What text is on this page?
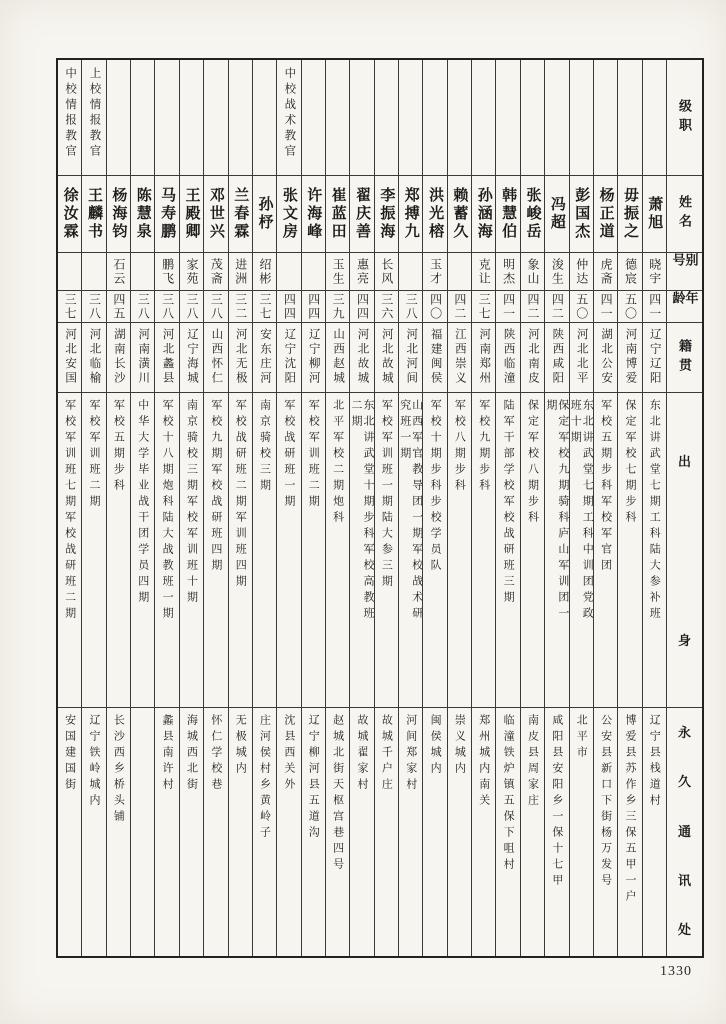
中校情报教官
徐汝霖
三七
河北安国
军校军训班七期军校战研班二期
安国建国街
上校情报教官
王麟书
三八
河北临榆
军校军训班二期
辽宁铁岭城内
杨海钧
石云
四五
湖南长沙
军校五期步科
长沙西乡桥头铺
陈慧泉
三八
河南潢川
中华大学毕业战干团学员四期
马寿鹏
鹏飞
三八
河北蠡县
军校十八期炮科陆大战教班一期
蠡县南许村
王殿卿
家苑
三八
辽宁海城
南京骑校三期军校军训班十期
海城西北街
邓世兴
茂斋
三八
山西怀仁
军校九期军校战研班四期
怀仁学校巷
兰春霖
进洲
三二
河北无极
军校战研班二期军训班四期
无极城内
孙杼
绍彬
三七
安东庄河
南京骑校三期
庄河侯村乡黄岭子
中校战术教官
张文房
四四
辽宁沈阳
军校战研班一期
沈县西关外
许海峰
四四
辽宁柳河
军校军训班二期
辽宁柳河县五道沟
崔蓝田
玉生
三九
山西赵城
北平军校二期炮科
赵城北街天枢宫巷四号
翟庆善
惠亮
四四
河北故城
东北讲武堂十期步科军校高教班二期
故城翟家村
李振海
长风
三六
河北故城
军校军训班一期陆大参三期
故城千户庄
郑搏九
三八
河北河间
山西军官教导团一期军校战术研究班一期
河间郑家村
洪光榕
玉才
四〇
福建闽侯
军校十期步科步校学员队
闽侯城内
赖蓄久
四二
江西崇义
军校八期步科
崇义城内
孙涵海
克让
三七
河南郑州
军校九期步科
郑州城内南关
韩慧伯
明杰
四一
陕西临潼
陆军干部学校军校战研班三期
临潼铁炉镇五保下咀村
张峻岳
象山
四二
河北南皮
保定军校八期步科
南皮县周家庄
冯超
浚生
四二
陕西咸阳
保定军校九期骑科庐山军训团一期
咸阳县安阳乡一保十七甲
彭国杰
仲达
五〇
河北北平
东北讲武堂七期工科中训团党政班十期
北平市
杨正道
虎斋
四一
湖北公安
军校五期步科军校军官团
公安县新口下街杨万发号
毋振之
德宸
五〇
河南博爱
保定军校七期步科
博爱县苏作乡三保五甲一户
萧旭
晓宇
四一
辽宁辽阳
东北讲武堂七期工科陆大参补班
辽宁县栈道村
级职
姓名
别号
年龄
籍贯
出
身
永
久
通
讯
处
1330
